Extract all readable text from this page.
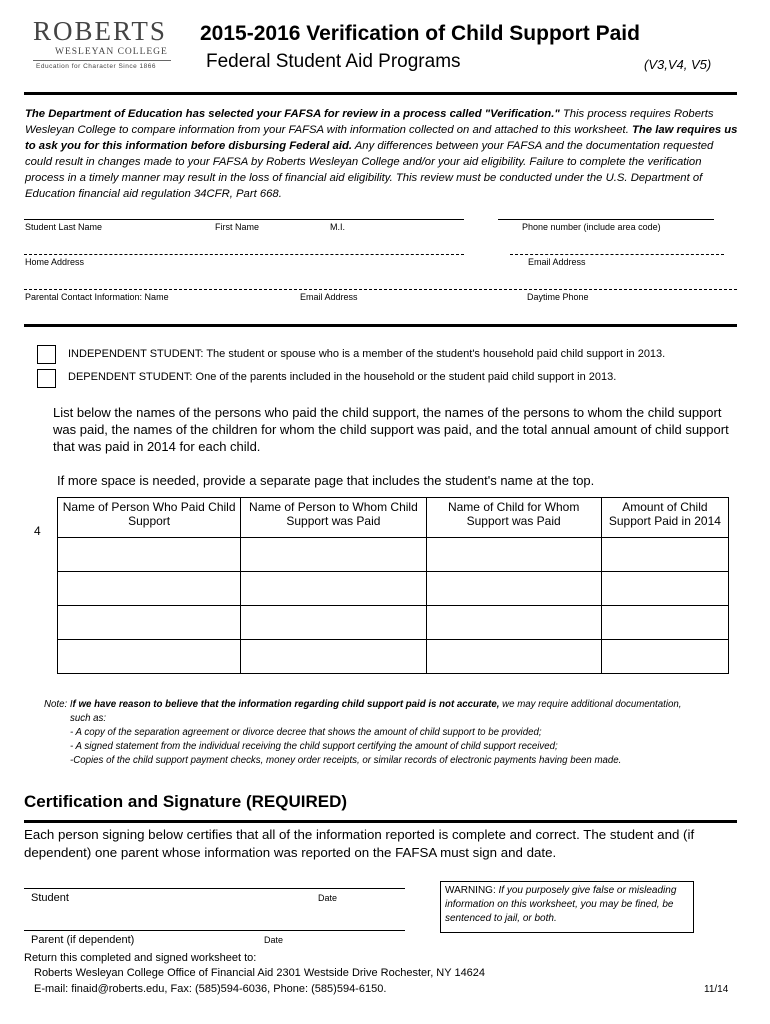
ROBERTS
WESLEYAN COLLEGE
Education for Character Since 1866
2015-2016 Verification of Child Support Paid
Federal Student Aid Programs	(V3,V4, V5)
The Department of Education has selected your FAFSA for review in a process called "Verification." This process requires Roberts Wesleyan College to compare information from your FAFSA with information collected on and attached to this worksheet. The law requires us to ask you for this information before disbursing Federal aid. Any differences between your FAFSA and the documentation requested could result in changes made to your FAFSA by Roberts Wesleyan College and/or your aid eligibility. Failure to complete the verification process in a timely manner may result in the loss of financial aid eligibility. This review must be conducted under the U.S. Department of Education financial aid regulation 34CFR, Part 668.
Student Last Name	First Name	M.I.	Phone number (include area code)
Home Address	Email Address
Parental Contact Information: Name	Email Address	Daytime Phone
INDEPENDENT STUDENT: The student or spouse who is a member of the student's household paid child support in 2013.
DEPENDENT STUDENT: One of the parents included in the household or the student paid child support in 2013.
List below the names of the persons who paid the child support, the names of the persons to whom the child support was paid, the names of the children for whom the child support was paid, and the total annual amount of child support that was paid in 2014 for each child.
If more space is needed, provide a separate page that includes the student's name at the top.
4
Name of Person Who Paid Child Support	Name of Person to Whom Child Support was Paid	Name of Child for Whom Support was Paid	Amount of Child Support Paid in 2014

Note: If we have reason to believe that the information regarding child support paid is not accurate, we may require additional documentation,
such as:
- A copy of the separation agreement or divorce decree that shows the amount of child support to be provided;
- A signed statement from the individual receiving the child support certifying the amount of child support received;
-Copies of the child support payment checks, money order receipts, or similar records of electronic payments having been made.
Certification and Signature (REQUIRED)
Each person signing below certifies that all of the information reported is complete and correct. The student and (if dependent) one parent whose information was reported on the FAFSA must sign and date.
Student	Date
Parent (if dependent)	Date
WARNING: If you purposely give false or misleading information on this worksheet, you may be fined, be sentenced to jail, or both.
Return this completed and signed worksheet to:
Roberts Wesleyan College Office of Financial Aid 2301 Westside Drive Rochester, NY 14624
E-mail: finaid@roberts.edu, Fax: (585)594-6036, Phone: (585)594-6150.	11/14
